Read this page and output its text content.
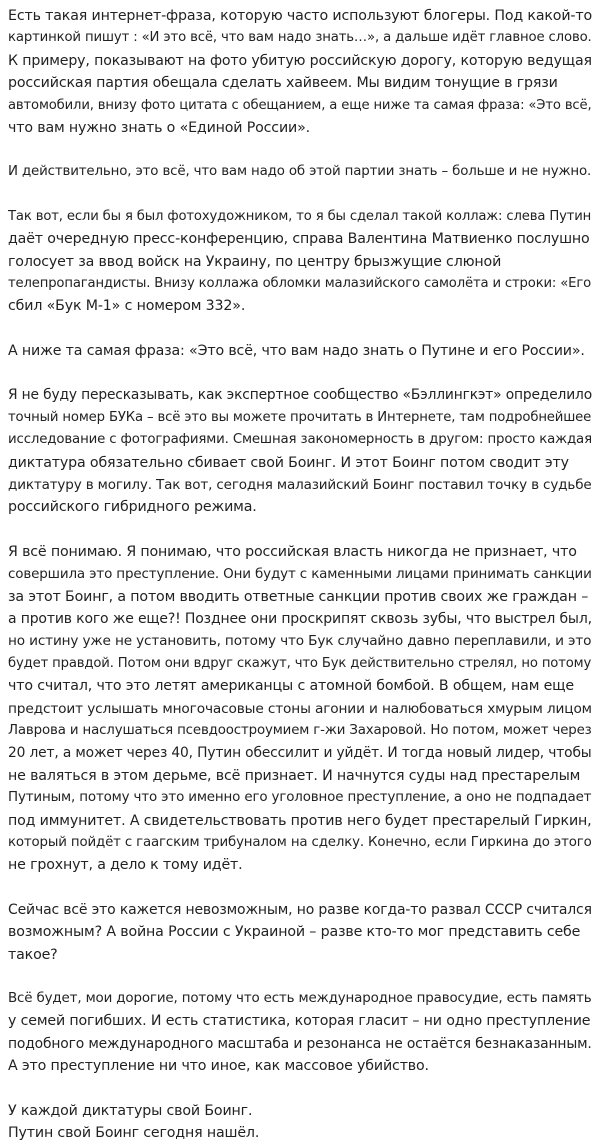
Есть такая интернет-фраза, которую часто используют блогеры. Под какой-то
картинкой пишут : «И это всё, что вам надо знать…», а дальше идёт главное слово.
К примеру, показывают на фото убитую российскую дорогу, которую ведущая
российская партия обещала сделать хайвеем. Мы видим тонущие в грязи
автомобили, внизу фото цитата с обещанием, а еще ниже та самая фраза: «Это всё,
что вам нужно знать о «Единой России».

И действительно, это всё, что вам надо об этой партии знать – больше и не нужно.

Так вот, если бы я был фотохудожником, то я бы сделал такой коллаж: слева Путин
даёт очередную пресс-конференцию, справа Валентина Матвиенко послушно
голосует за ввод войск на Украину, по центру брызжущие слюной
телепропагандисты. Внизу коллажа обломки малазийского самолёта и строки: «Его
сбил «Бук М-1» с номером 332».

А ниже та самая фраза: «Это всё, что вам надо знать о Путине и его России».

Я не буду пересказывать, как экспертное сообщество «Бэллингкэт» определило
точный номер БУКа – всё это вы можете прочитать в Интернете, там подробнейшее
исследование с фотографиями. Смешная закономерность в другом: просто каждая
диктатура обязательно сбивает свой Боинг. И этот Боинг потом сводит эту
диктатуру в могилу. Так вот, сегодня малазийский Боинг поставил точку в судьбе
российского гибридного режима.

Я всё понимаю. Я понимаю, что российская власть никогда не признает, что
совершила это преступление. Они будут с каменными лицами принимать санкции
за этот Боинг, а потом вводить ответные санкции против своих же граждан –
а против кого же еще?! Позднее они проскрипят сквозь зубы, что выстрел был,
но истину уже не установить, потому что Бук случайно давно переплавили, и это
будет правдой. Потом они вдруг скажут, что Бук действительно стрелял, но потому
что считал, что это летят американцы с атомной бомбой. В общем, нам еще
предстоит услышать многочасовые стоны агонии и налюбоваться хмурым лицом
Лаврова и наслушаться псевдоостроумием г-жи Захаровой. Но потом, может через
20 лет, а может через 40, Путин обессилит и уйдёт. И тогда новый лидер, чтобы
не валяться в этом дерьме, всё признает. И начнутся суды над престарелым
Путиным, потому что это именно его уголовное преступление, а оно не подпадает
под иммунитет. А свидетельствовать против него будет престарелый Гиркин,
который пойдёт с гаагским трибуналом на сделку. Конечно, если Гиркина до этого
не грохнут, а дело к тому идёт.

Сейчас всё это кажется невозможным, но разве когда-то развал СССР считался
возможным? А война России с Украиной – разве кто-то мог представить себе
такое?

Всё будет, мои дорогие, потому что есть международное правосудие, есть память
у семей погибших. И есть статистика, которая гласит – ни одно преступление
подобного международного масштаба и резонанса не остаётся безнаказанным.
А это преступление ни что иное, как массовое убийство.

У каждой диктатуры свой Боинг.
Путин свой Боинг сегодня нашёл.
